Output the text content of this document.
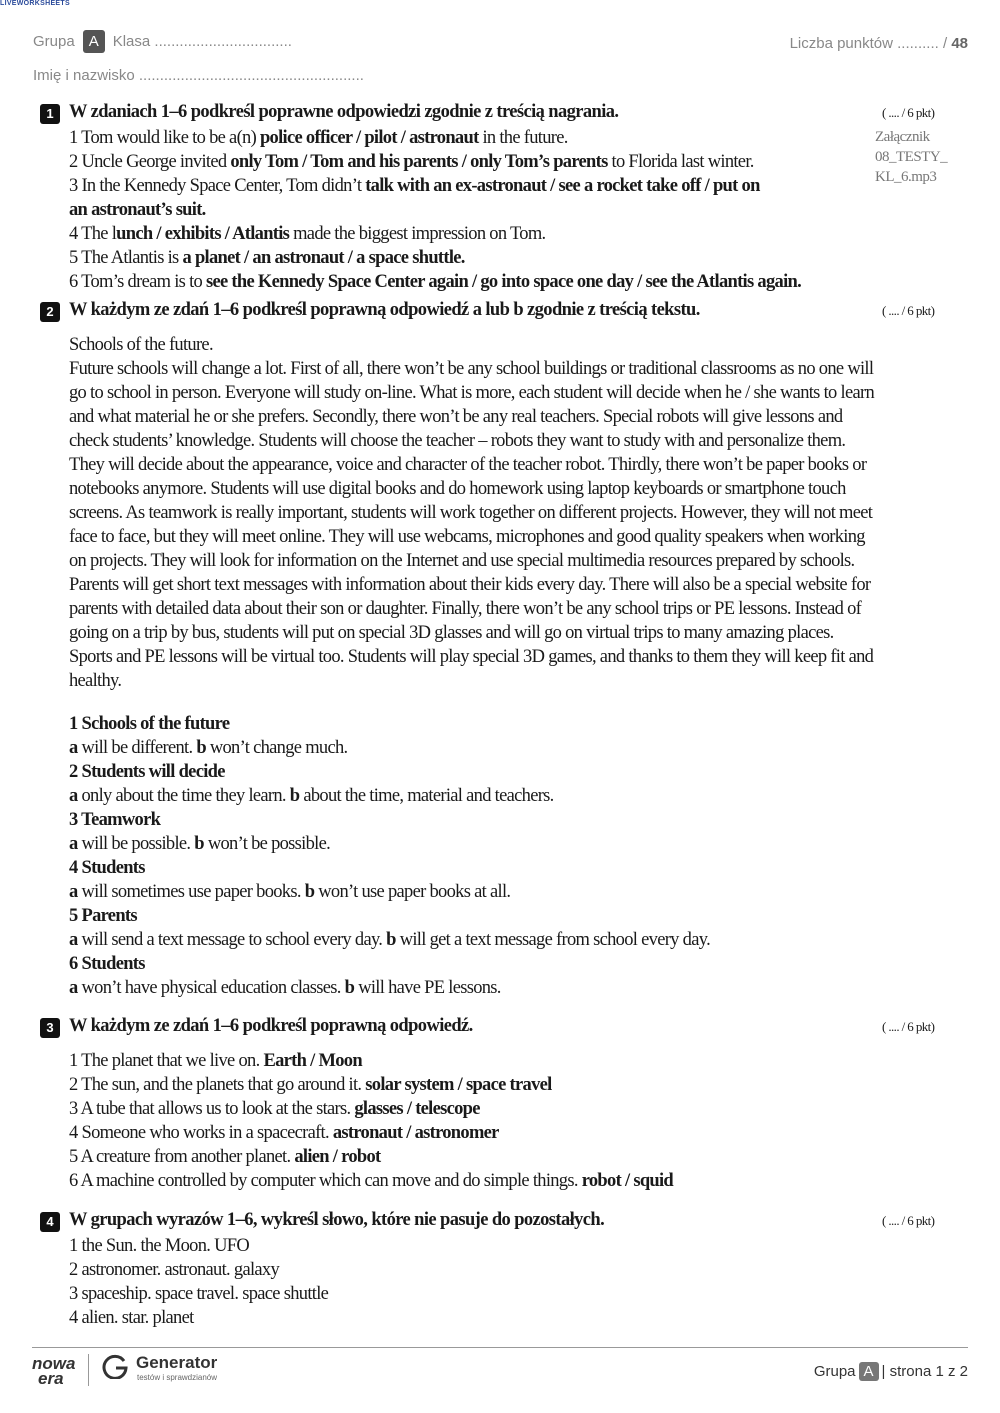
LIVEWORKSHEETS
Grupa A Klasa .................................	Liczba punktów .......... / 48
Imię i nazwisko ......................................................
1 W zdaniach 1–6 podkreśl poprawne odpowiedzi zgodnie z treścią nagrania.	( .... / 6 pkt)
1 Tom would like to be a(n) police officer / pilot / astronaut in the future.
2 Uncle George invited only Tom / Tom and his parents / only Tom’s parents to Florida last winter.
3 In the Kennedy Space Center, Tom didn’t talk with an ex-astronaut / see a rocket take off / put on
an astronaut’s suit.
4 The lunch / exhibits / Atlantis made the biggest impression on Tom.
5 The Atlantis is a planet / an astronaut / a space shuttle.
6 Tom’s dream is to see the Kennedy Space Center again / go into space one day / see the Atlantis again.
Załącznik 08_TESTY_ KL_6.mp3
2 W każdym ze zdań 1–6 podkreśl poprawną odpowiedź a lub b zgodnie z treścią tekstu.	( .... / 6 pkt)

Schools of the future.

Future schools will change a lot. First of all, there won’t be any school buildings or traditional classrooms as no one will go to school in person. Everyone will study on-line. What is more, each student will decide when he / she wants to learn and what material he or she prefers. Secondly, there won’t be any real teachers. Special robots will give lessons and check students’ knowledge. Students will choose the teacher – robots they want to study with and personalize them. They will decide about the appearance, voice and character of the teacher robot. Thirdly, there won’t be paper books or notebooks anymore. Students will use digital books and do homework using laptop keyboards or smartphone touch screens. As teamwork is really important, students will work together on different projects. However, they will not meet face to face, but they will meet online. They will use webcams, microphones and good quality speakers when working on projects. They will look for information on the Internet and use special multimedia resources prepared by schools. Parents will get short text messages with information about their kids every day. There will also be a special website for parents with detailed data about their son or daughter. Finally, there won’t be any school trips or PE lessons. Instead of going on a trip by bus, students will put on special 3D glasses and will go on virtual trips to many amazing places. Sports and PE lessons will be virtual too. Students will play special 3D games, and thanks to them they will keep fit and healthy.

1 Schools of the future
a will be different. b won’t change much.
2 Students will decide
a only about the time they learn. b about the time, material and teachers.
3 Teamwork
a will be possible. b won’t be possible.
4 Students
a will sometimes use paper books. b won’t use paper books at all.
5 Parents
a will send a text message to school every day. b will get a text message from school every day.
6 Students
a won’t have physical education classes. b will have PE lessons.
3 W każdym ze zdań 1–6 podkreśl poprawną odpowiedź.	( .... / 6 pkt)
1 The planet that we live on. Earth / Moon
2 The sun, and the planets that go around it. solar system / space travel
3 A tube that allows us to look at the stars. glasses / telescope
4 Someone who works in a spacecraft. astronaut / astronomer
5 A creature from another planet. alien / robot
6 A machine controlled by computer which can move and do simple things. robot / squid
4 W grupach wyrazów 1–6, wykreśl słowo, które nie pasuje do pozostałych.	( .... / 6 pkt)
1 the Sun. the Moon. UFO
2 astronomer. astronaut. galaxy
3 spaceship. space travel. space shuttle
4 alien. star. planet
nowa
era
Generator
testów i sprawdzianów	Grupa A | strona 1 z 2
